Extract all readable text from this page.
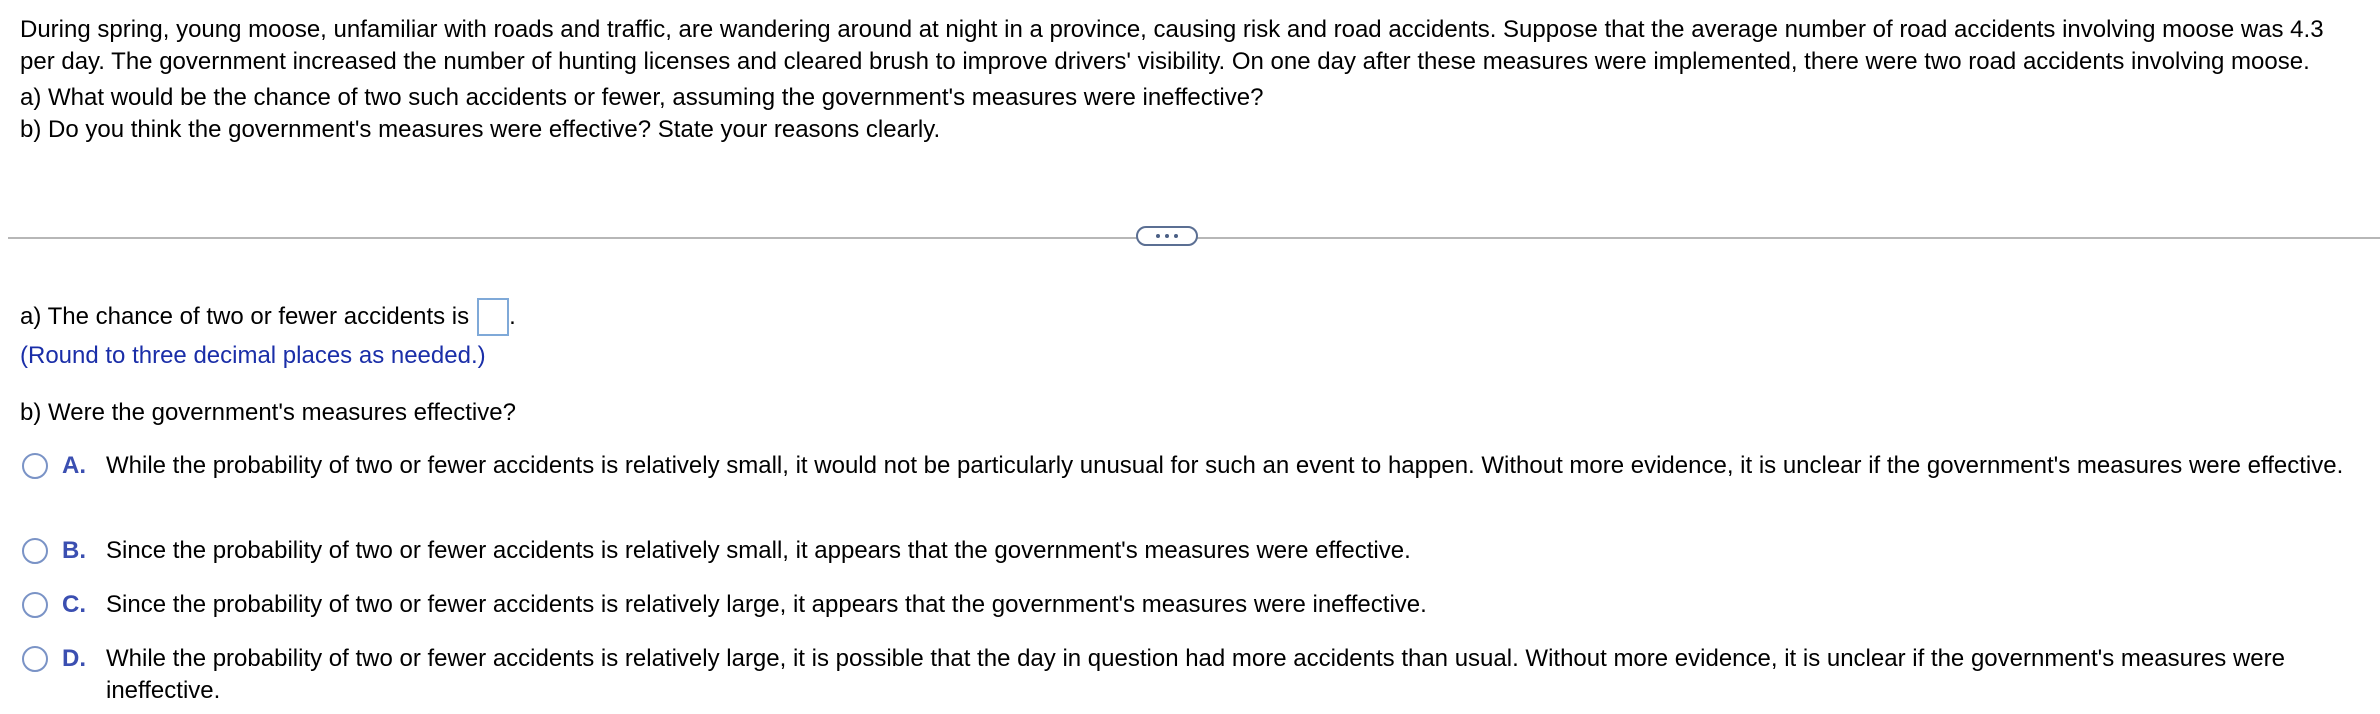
During spring, young moose, unfamiliar with roads and traffic, are wandering around at night in a province, causing risk and road accidents. Suppose that the average number of road accidents involving moose was 4.3 per day. The government increased the number of hunting licenses and cleared brush to improve drivers' visibility. On one day after these measures were implemented, there were two road accidents involving moose.

a) What would be the chance of two such accidents or fewer, assuming the government's measures were ineffective?

b) Do you think the government's measures were effective? State your reasons clearly.

a) The chance of two or fewer accidents is .
(Round to three decimal places as needed.)
b) Were the government's measures effective?
A. While the probability of two or fewer accidents is relatively small, it would not be particularly unusual for such an event to happen. Without more evidence, it is unclear if the government's measures were effective.
B. Since the probability of two or fewer accidents is relatively small, it appears that the government's measures were effective.
C. Since the probability of two or fewer accidents is relatively large, it appears that the government's measures were ineffective.
D. While the probability of two or fewer accidents is relatively large, it is possible that the day in question had more accidents than usual. Without more evidence, it is unclear if the government's measures were ineffective.
